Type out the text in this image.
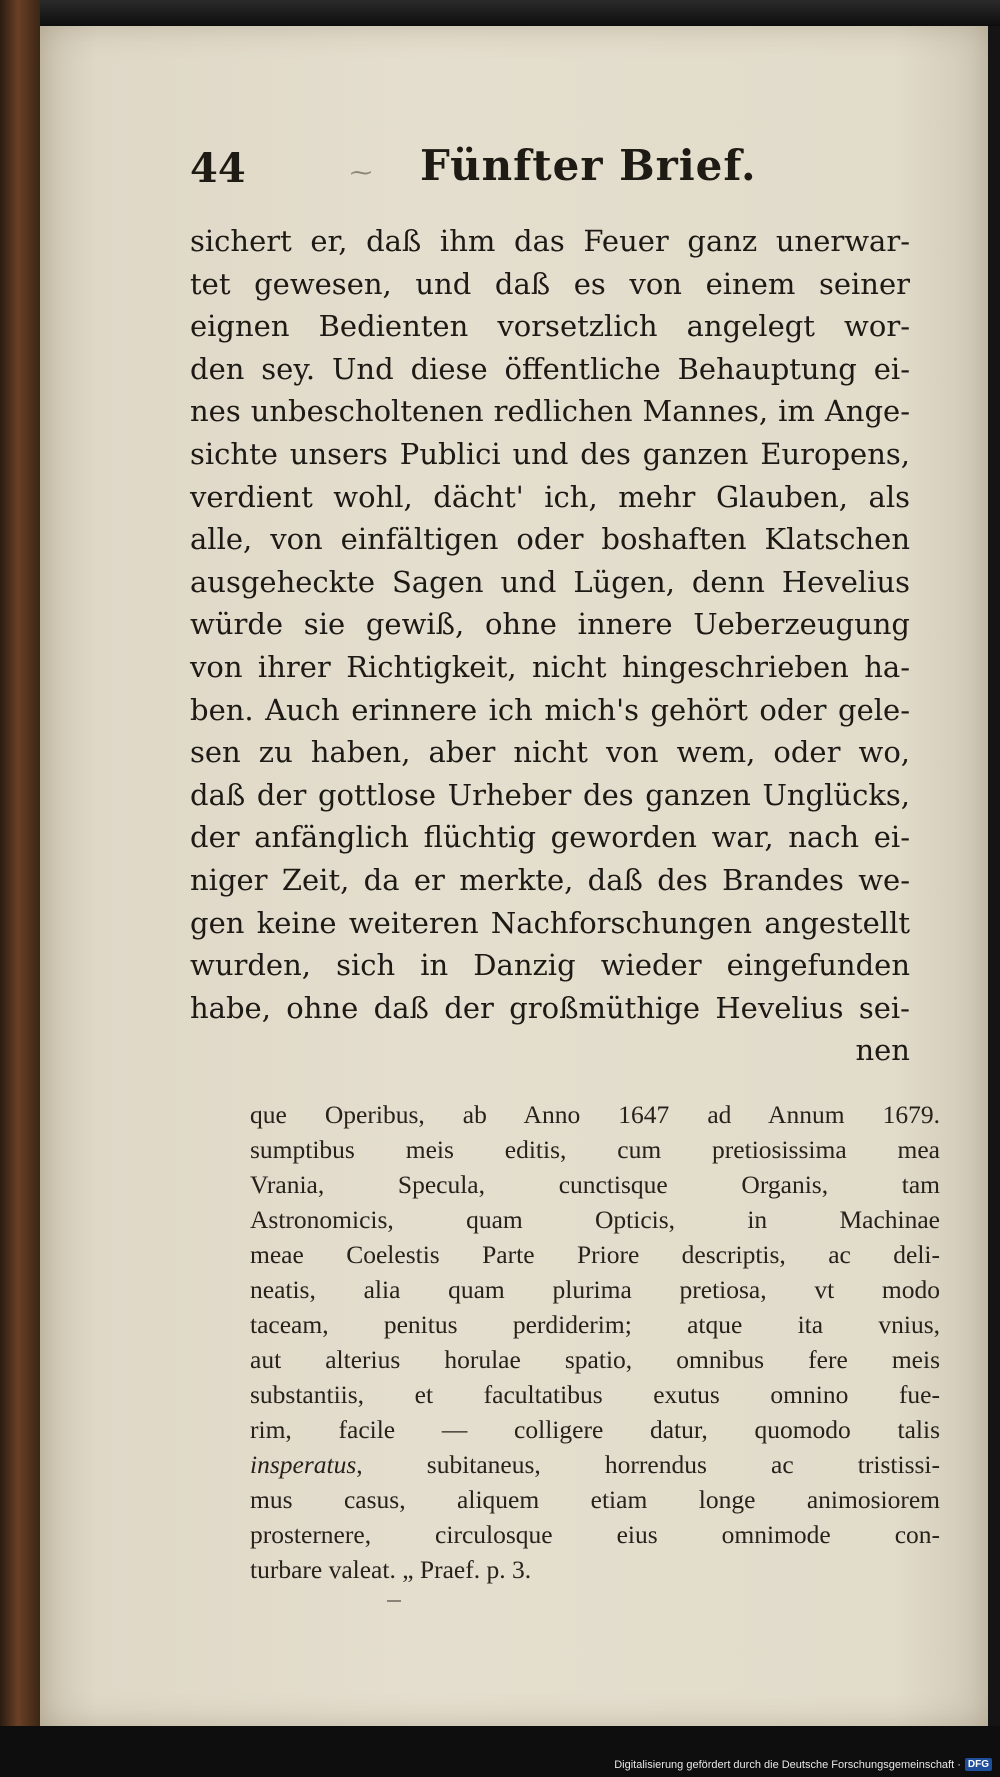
44	⁓ Fünfter Brief.
sichert er, daß ihm das Feuer ganz unerwar-
tet gewesen, und daß es von einem seiner
eignen Bedienten vorsetzlich angelegt wor-
den sey. Und diese öffentliche Behauptung ei-
nes unbescholtenen redlichen Mannes, im Ange-
sichte unsers Publici und des ganzen Europens,
verdient wohl, dächt' ich, mehr Glauben, als
alle, von einfältigen oder boshaften Klatschen
ausgeheckte Sagen und Lügen, denn Hevelius
würde sie gewiß, ohne innere Ueberzeugung
von ihrer Richtigkeit, nicht hingeschrieben ha-
ben. Auch erinnere ich mich's gehört oder gele-
sen zu haben, aber nicht von wem, oder wo,
daß der gottlose Urheber des ganzen Unglücks,
der anfänglich flüchtig geworden war, nach ei-
niger Zeit, da er merkte, daß des Brandes we-
gen keine weiteren Nachforschungen angestellt
wurden, sich in Danzig wieder eingefunden
habe, ohne daß der großmüthige Hevelius sei-
nen
que Operibus, ab Anno 1647 ad Annum 1679.
sumptibus meis editis, cum pretiosissima mea
Vrania, Specula, cunctisque Organis, tam
Astronomicis, quam Opticis, in Machinae
meae Coelestis Parte Priore descriptis, ac deli-
neatis, alia quam plurima pretiosa, vt modo
taceam, penitus perdiderim; atque ita vnius,
aut alterius horulae spatio, omnibus fere meis
substantiis, et facultatibus exutus omnino fue-
rim, facile — colligere datur, quomodo talis
insperatus, subitaneus, horrendus ac tristissi-
mus casus, aliquem etiam longe animosiorem
prosternere, circulosque eius omnimode con-
turbare valeat. „ Praef. p. 3.
Digitalisierung gefördert durch die Deutsche Forschungsgemeinschaft · DFG
